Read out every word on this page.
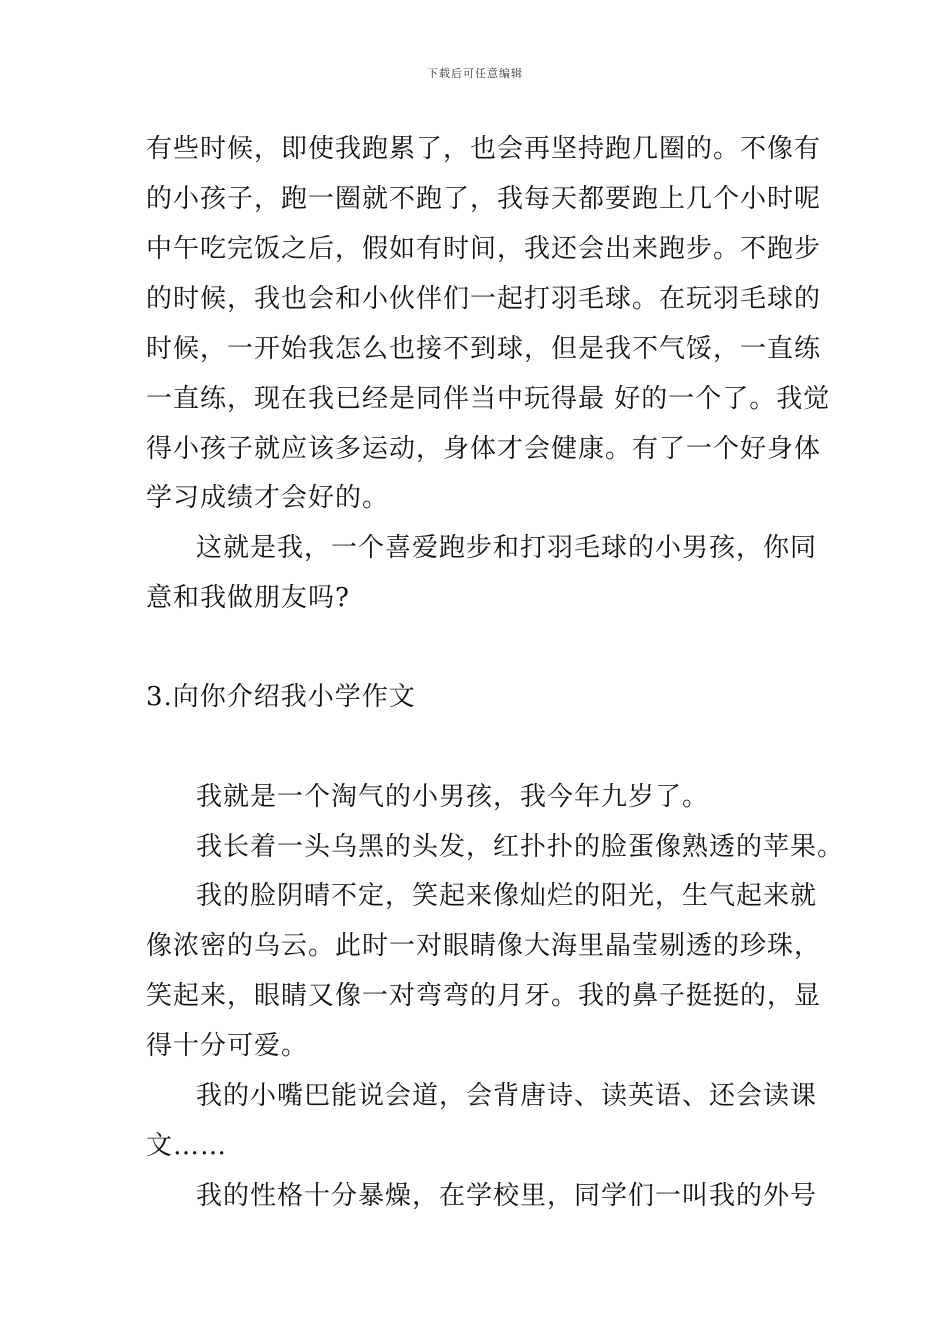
下载后可任意编辑
有些时候，即使我跑累了，也会再坚持跑几圈的。不像有
的小孩子，跑一圈就不跑了，我每天都要跑上几个小时呢
中午吃完饭之后，假如有时间，我还会出来跑步。不跑步
的时候，我也会和小伙伴们一起打羽毛球。在玩羽毛球的
时候，一开始我怎么也接不到球，但是我不气馁，一直练
一直练，现在我已经是同伴当中玩得最 好的一个了。我觉
得小孩子就应该多运动，身体才会健康。有了一个好身体
学习成绩才会好的。
这就是我，一个喜爱跑步和打羽毛球的小男孩，你同
意和我做朋友吗?
3.向你介绍我小学作文
我就是一个淘气的小男孩，我今年九岁了。
我长着一头乌黑的头发，红扑扑的脸蛋像熟透的苹果。
我的脸阴晴不定，笑起来像灿烂的阳光，生气起来就
像浓密的乌云。此时一对眼睛像大海里晶莹剔透的珍珠，
笑起来，眼睛又像一对弯弯的月牙。我的鼻子挺挺的，显
得十分可爱。
我的小嘴巴能说会道，会背唐诗、读英语、还会读课
文……
我的性格十分暴燥，在学校里，同学们一叫我的外号
